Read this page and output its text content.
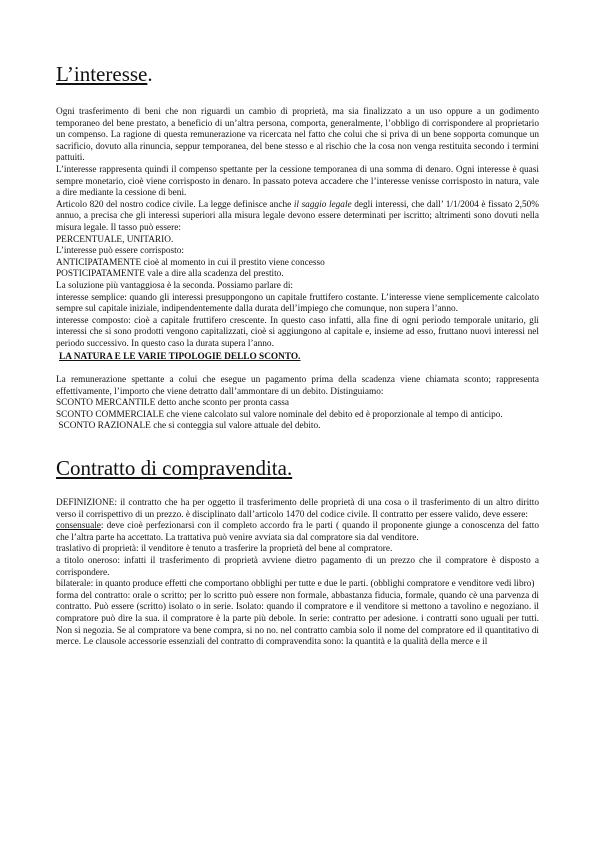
L’interesse.

Ogni trasferimento di beni che non riguardi un cambio di proprietà, ma sia finalizzato a un uso oppure a un godimento temporaneo del bene prestato, a beneficio di un’altra persona, comporta, generalmente, l’obbligo di corrispondere al proprietario un compenso. La ragione di questa remunerazione va ricercata nel fatto che colui che si priva di un bene sopporta comunque un sacrificio, dovuto alla rinuncia, seppur temporanea, del bene stesso e al rischio che la cosa non venga restituita secondo i termini pattuiti.

L’interesse rappresenta quindi il compenso spettante per la cessione temporanea di una somma di denaro. Ogni interesse è quasi sempre monetario, cioè viene corrisposto in denaro. In passato poteva accadere che l’interesse venisse corrisposto in natura, vale a dire mediante la cessione di beni.

Articolo 820 del nostro codice civile. La legge definisce anche il saggio legale degli interessi, che dall’ 1/1/2004 è fissato 2,50% annuo, a precisa che gli interessi superiori alla misura legale devono essere determinati per iscritto; altrimenti sono dovuti nella misura legale. Il tasso può essere:

PERCENTUALE, UNITARIO.

L’interesse può essere corrisposto:

ANTICIPATAMENTE cioè al momento in cui il prestito viene concesso

POSTICIPATAMENTE vale a dire alla scadenza del prestito.

La soluzione più vantaggiosa è la seconda. Possiamo parlare di:

interesse semplice: quando gli interessi presuppongono un capitale fruttifero costante. L’interesse viene semplicemente calcolato sempre sul capitale iniziale, indipendentemente dalla durata dell’impiego che comunque, non supera l’anno.

interesse composto: cioè a capitale fruttifero crescente. In questo caso infatti, alla fine di ogni periodo temporale unitario, gli interessi che si sono prodotti vengono capitalizzati, cioè si aggiungono al capitale e, insieme ad esso, fruttano nuovi interessi nel periodo successivo. In questo caso la durata supera l’anno.

LA NATURA E LE VARIE TIPOLOGIE DELLO SCONTO.

La remunerazione spettante a colui che esegue un pagamento prima della scadenza viene chiamata sconto; rappresenta effettivamente, l’importo che viene detratto dall’ammontare di un debito. Distinguiamo:

SCONTO MERCANTILE detto anche sconto per pronta cassa

SCONTO COMMERCIALE che viene calcolato sul valore nominale del debito ed è proporzionale al tempo di anticipo.

SCONTO RAZIONALE che si conteggia sul valore attuale del debito.

Contratto di compravendita.

DEFINIZIONE: il contratto che ha per oggetto il trasferimento delle proprietà di una cosa o il trasferimento di un altro diritto verso il corrispettivo di un prezzo. è disciplinato dall’articolo 1470 del codice civile. Il contratto per essere valido, deve essere:

consensuale: deve cioè perfezionarsi con il completo accordo fra le parti ( quando il proponente giunge a conoscenza del fatto che l’altra parte ha accettato. La trattativa può venire avviata sia dal compratore sia dal venditore.

traslativo di proprietà: il venditore è tenuto a trasferire la proprietà del bene al compratore.

a titolo oneroso: infatti il trasferimento di proprietà avviene dietro pagamento di un prezzo che il compratore è disposto a corrispondere.

bilaterale: in quanto produce effetti che comportano obblighi per tutte e due le parti. (obblighi compratore e venditore vedi libro)

forma del contratto: orale o scritto; per lo scritto può essere non formale, abbastanza fiducia, formale, quando cè una parvenza di contratto. Può essere (scritto) isolato o in serie. Isolato: quando il compratore e il venditore si mettono a tavolino e negoziano. il compratore può dire la sua. il compratore è la parte più debole. In serie: contratto per adesione. i contratti sono uguali per tutti. Non si negozia. Se al compratore va bene compra, si no no. nel contratto cambia solo il nome del compratore ed il quantitativo di merce. Le clausole accessorie essenziali del contratto di compravendita sono: la quantità e la qualità della merce e il
